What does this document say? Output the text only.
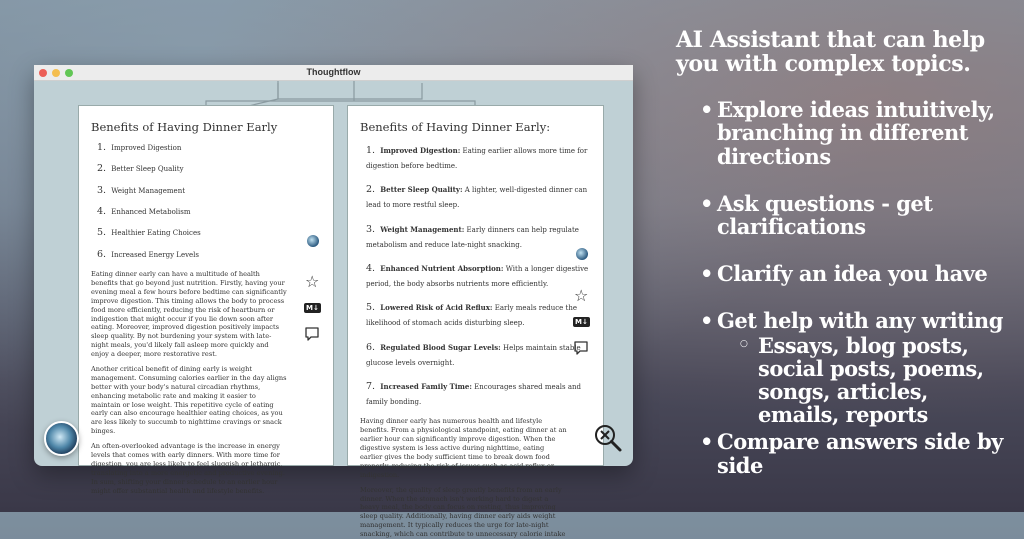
Thoughtflow
Benefits of Having Dinner Early
1. Improved Digestion
2. Better Sleep Quality
3. Weight Management
4. Enhanced Metabolism
5. Healthier Eating Choices
6. Increased Energy Levels

Eating dinner early can have a multitude of health benefits that go beyond just nutrition. Firstly, having your evening meal a few hours before bedtime can significantly improve digestion. This timing allows the body to process food more efficiently, reducing the risk of heartburn or indigestion that might occur if you lie down soon after eating. Moreover, improved digestion positively impacts sleep quality. By not burdening your system with late-night meals, you'd likely fall asleep more quickly and enjoy a deeper, more restorative rest.

Another critical benefit of dining early is weight management. Consuming calories earlier in the day aligns better with your body's natural circadian rhythms, enhancing metabolic rate and making it easier to maintain or lose weight. This repetitive cycle of eating early can also encourage healthier eating choices, as you are less likely to succumb to nighttime cravings or snack binges.

An often-overlooked advantage is the increase in energy levels that comes with early dinners. With more time for digestion, you are less likely to feel sluggish or lethargic, translating into a more energetic and productive evening. In sum, shifting your dinner schedule to an earlier hour might offer substantial health and lifestyle benefits.

☆
M↓
Benefits of Having Dinner Early:
1. Improved Digestion: Eating earlier allows more time for digestion before bedtime.
2. Better Sleep Quality: A lighter, well-digested dinner can lead to more restful sleep.
3. Weight Management: Early dinners can help regulate metabolism and reduce late-night snacking.
4. Enhanced Nutrient Absorption: With a longer digestive period, the body absorbs nutrients more efficiently.
5. Lowered Risk of Acid Reflux: Early meals reduce the likelihood of stomach acids disturbing sleep.
6. Regulated Blood Sugar Levels: Helps maintain stable glucose levels overnight.
7. Increased Family Time: Encourages shared meals and family bonding.

Having dinner early has numerous health and lifestyle benefits. From a physiological standpoint, eating dinner at an earlier hour can significantly improve digestion. When the digestive system is less active during nighttime, eating earlier gives the body sufficient time to break down food properly, reducing the risk of issues such as acid reflux or indigestion.

Moreover, the quality of sleep greatly benefits from an early dinner. When the stomach isn't working hard to digest a heavy meal, the body can focus on resting, thus improving sleep quality. Additionally, having dinner early aids weight management. It typically reduces the urge for late-night snacking, which can contribute to unnecessary calorie intake

☆
M↓
AI Assistant that can help you with complex topics.
• Explore ideas intuitively, branching in different directions
• Ask questions - get clarifications
• Clarify an idea you have
• Get help with any writing
○ Essays, blog posts, social posts, poems, songs, articles, emails, reports
• Compare answers side by side
